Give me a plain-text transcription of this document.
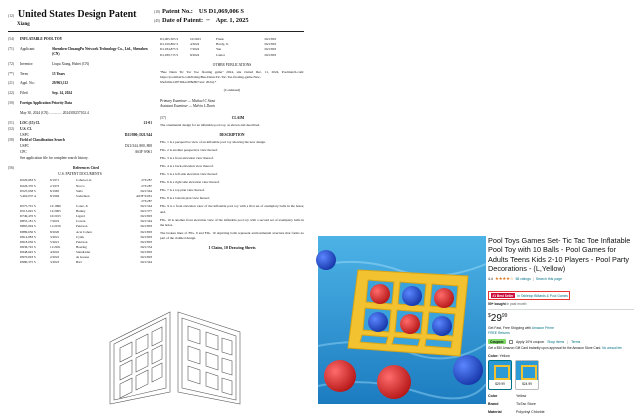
(12) United States Design Patent
Xiang
(10) Patent No.: US D1,069,006 S
(45) Date of Patent: ** Apr. 1, 2025
(54)	INFLATABLE POOL TOY
(71)	Applicant:	Shenzhen ChuangPu Network Technology Co., Ltd., Shenzhen (CN)
(72)	Inventor:	Liupu Xiang, Hubei (CN)
(**)	Term:	15 Years
(21)	Appl. No.:	29/963,112
(22)	Filed:	Sep. 14, 2024
(30)	Foreign Application Priority Data
May 30, 2024 (CN) .............. 2024303257102.4
(51)	LOC (15) Cl.	21-01
(52)	U.S. Cl.
USPC	D21/800; D21/344
(58)	Field of Classification Search
USPC	D21/344, 800, 808
CPC	A63F 9/061
See application file for complete search history.
(56)	References Cited
U.S. PATENT DOCUMENTS
D220,963 S	6/1971	Cohen et al.	273/287
D226,370 S	2/1973	Nocco	273/287
D525,958 S	8/1965	Stalo	D21/344
5,462,037 A	8/1994	Sodermon	A63F 9/061
273/287
D575,701 S	12/1996	Cotez, Jr.	D21/344
D513,045 S	12/2005	Hanley	D21/377
D749,476 S	10/2015	Ligard	D21/803
D855,181 S	7/2019	Cowan	D21/344
D865,094 S	11/2019	Peterson	D21/803
D889,650 S	8/2020	Acat Cohen	D21/803
D914,083 S	3/2021	Cytak	D21/803
D918,056 S	5/2021	Peterson	D21/803
D936,745 S	11/2021	Hoering	D21/354
D948,645 S	4/2022	Standrader	D21/803
D970,693 S	2/2022	de Greese	D21/803
D980,375 S	3/2023	Barr	D21/344
D1,005,303 S	10/2023	Frank	D21/803
D1,010,802 S	4/2024	Hardy, Jr.	D21/803
D1,034,875 S	7/2024	Yan	D21/803
D1,039,715 S	8/2024	Cantor	D21/803
OTHER PUBLICATIONS
"Bee Dann Tic Tac Toe floating game" 2024, site visited Dec. 11, 2024, Poolmatch.com: https://poolmatch.com/listing/Bee-Dann-Tic-Tac-Toe-floating-game-New-63efa56e1497394acd08e8b7/ear: 2024).*
(Continued)
Primary Examiner — Michael C Stout
Assistant Examiner — Melvin L Davis
(57)	CLAIM
The ornamental design for an inflatable pool toy, as shown and described.
DESCRIPTION
FIG. 1 is a perspective view of an inflatable pool toy showing the new design.
FIG. 2 is another perspective view thereof.
FIG. 3 is a front elevation view thereof.
FIG. 4 is a back elevation view thereof.
FIG. 5 is a left side elevation view thereof.
FIG. 6 is a right side elevation view thereof.
FIG. 7 is a top plan view thereof.
FIG. 8 is a bottom plan view thereof.
FIG. 9 is a front elevation view of the inflatable pool toy with a first set of exemplary balls in the holes; and,
FIG. 10 is another front elevation view of the inflatable pool toy with a second set of exemplary balls in the holes.
The broken lines of FIG. 9 and FIG. 10 depicting balls represent environmental structure that forms no part of the claimed design.
1 Claim, 10 Drawing Sheets
Pool Toys Games Set- Tic Tac Toe Inflatable Pool Toy with 10 Balls - Pool Games for Adults Teens Kids 2-10 Players - Pool Party Decorations - (L,Yellow)
4.4 ★★★★☆ 58 ratings | Search this page
#1 Best Seller	in Tabletop Billiards & Pool Games
50+ bought in past month
$ 29 99
Get Fast, Free Shipping with Amazon Prime
FREE Returns
Coupon:	Apply 10% coupon Shop items | Terms
Get a $50 Amazon Gift Card instantly upon approval for the Amazon Store Card. No annual fee
Color: Yellow
$29.99	$24.99
Color	Yellow
Brand	TicTac Store
Material	Polyvinyl Chloride
